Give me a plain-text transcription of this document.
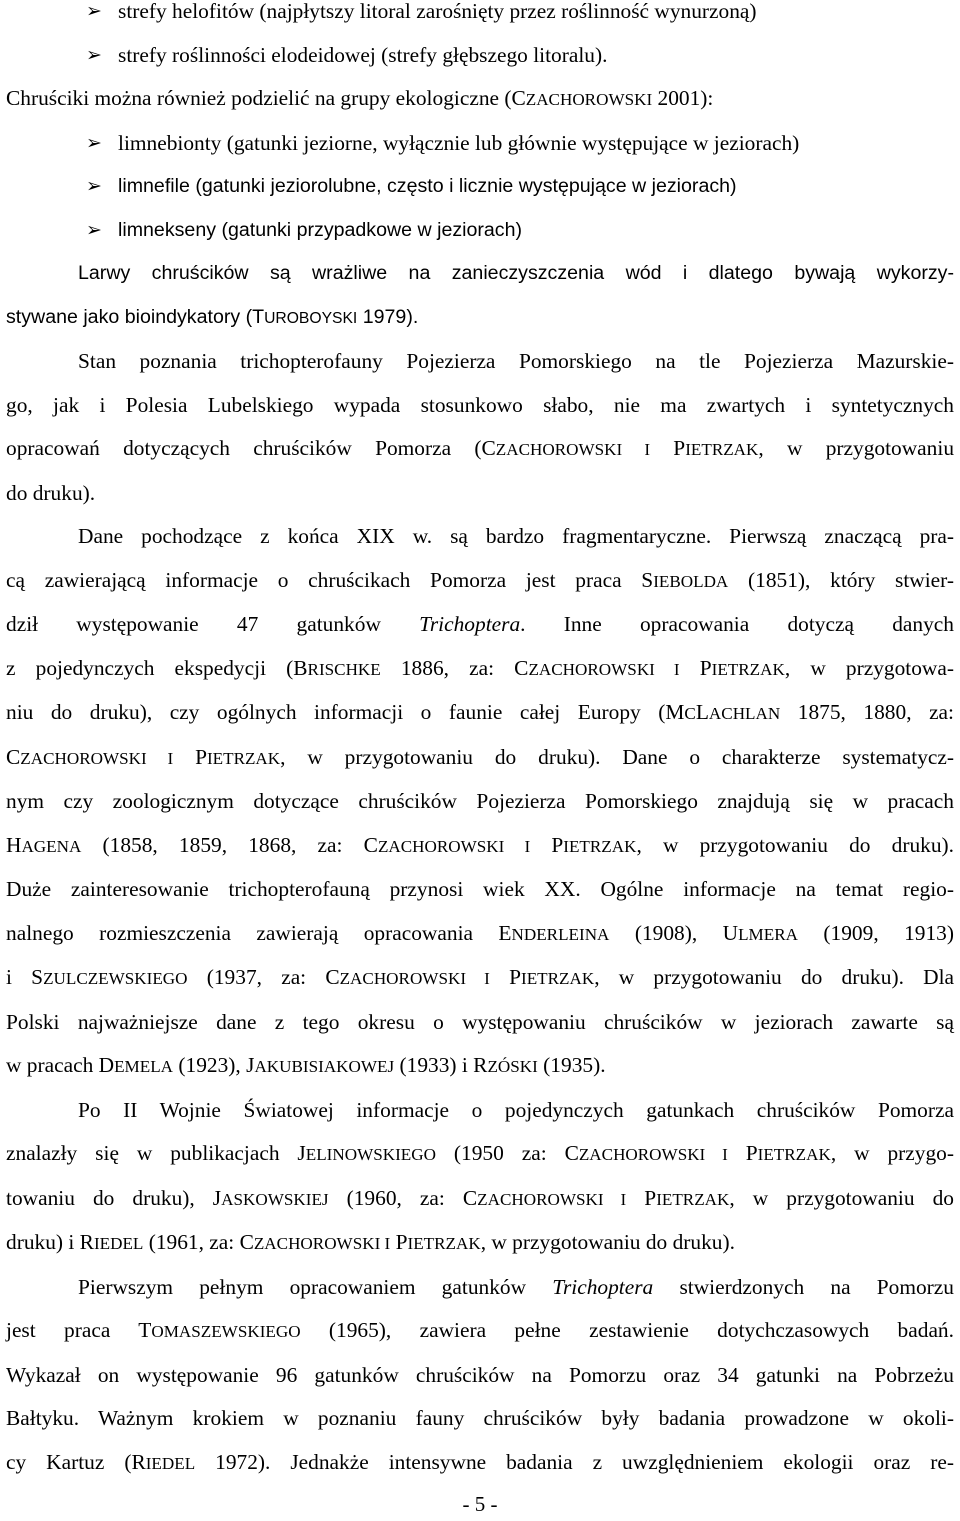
➢ strefy helofitów (najpłytszy litoral zarośnięty przez roślinność wynurzoną)
➢ strefy roślinności elodeidowej (strefy głębszego litoralu).
Chruściki można również podzielić na grupy ekologiczne (CZACHOROWSKI 2001):
➢ limnebionty (gatunki jeziorne, wyłącznie lub głównie występujące w jeziorach)
➢ limnefile (gatunki jeziorolubne, często i licznie występujące w jeziorach)
➢ limnekseny (gatunki przypadkowe w jeziorach)
Larwy chruścików są wrażliwe na zanieczyszczenia wód i dlatego bywają wykorzy-
stywane jako bioindykatory (TUROBOYSKI 1979).
Stan poznania trichopterofauny Pojezierza Pomorskiego na tle Pojezierza Mazurskie-
go, jak i Polesia Lubelskiego wypada stosunkowo słabo, nie ma zwartych i syntetycznych
opracowań dotyczących chruścików Pomorza (CZACHOROWSKI I PIETRZAK, w przygotowaniu
do druku).
Dane pochodzące z końca XIX w. są bardzo fragmentaryczne. Pierwszą znaczącą pra-
cą zawierającą informacje o chruścikach Pomorza jest praca SIEBOLDA (1851), który stwier-
dził występowanie 47 gatunków Trichoptera. Inne opracowania dotyczą danych
z pojedynczych ekspedycji (BRISCHKE 1886, za: CZACHOROWSKI I PIETRZAK, w przygotowa-
niu do druku), czy ogólnych informacji o faunie całej Europy (MCLACHLAN 1875, 1880, za:
CZACHOROWSKI I PIETRZAK, w przygotowaniu do druku). Dane o charakterze systematycz-
nym czy zoologicznym dotyczące chruścików Pojezierza Pomorskiego znajdują się w pracach
HAGENA (1858, 1859, 1868, za: CZACHOROWSKI I PIETRZAK, w przygotowaniu do druku).
Duże zainteresowanie trichopterofauną przynosi wiek XX. Ogólne informacje na temat regio-
nalnego rozmieszczenia zawierają opracowania ENDERLEINA (1908), ULMERA (1909, 1913)
i SZULCZEWSKIEGO (1937, za: CZACHOROWSKI I PIETRZAK, w przygotowaniu do druku). Dla
Polski najważniejsze dane z tego okresu o występowaniu chruścików w jeziorach zawarte są
w pracach DEMELA (1923), JAKUBISIAKOWEJ (1933) i RZÓSKI (1935).
Po II Wojnie Światowej informacje o pojedynczych gatunkach chruścików Pomorza
znalazły się w publikacjach JELINOWSKIEGO (1950 za: CZACHOROWSKI I PIETRZAK, w przygo-
towaniu do druku), JASKOWSKIEJ (1960, za: CZACHOROWSKI I PIETRZAK, w przygotowaniu do
druku) i RIEDEL (1961, za: CZACHOROWSKI I PIETRZAK, w przygotowaniu do druku).
Pierwszym pełnym opracowaniem gatunków Trichoptera stwierdzonych na Pomorzu
jest praca TOMASZEWSKIEGO (1965), zawiera pełne zestawienie dotychczasowych badań.
Wykazał on występowanie 96 gatunków chruścików na Pomorzu oraz 34 gatunki na Pobrzeżu
Bałtyku. Ważnym krokiem w poznaniu fauny chruścików były badania prowadzone w okoli-
cy Kartuz (RIEDEL 1972). Jednakże intensywne badania z uwzględnieniem ekologii oraz re-
- 5 -
